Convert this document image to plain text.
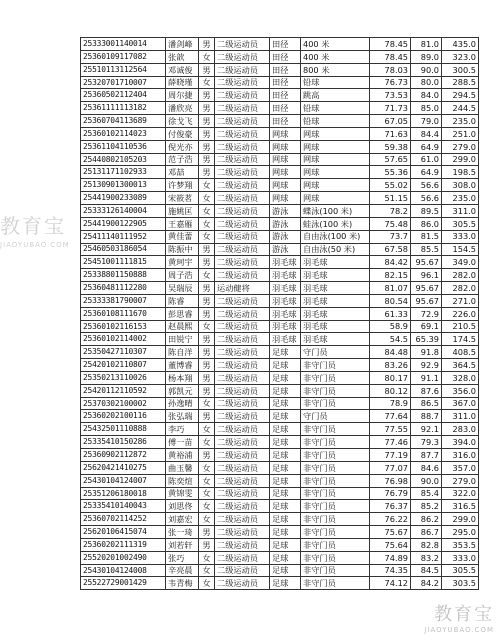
25333001140014	潘剑峰	男	二级运动员	田径	400 米	78.45	81.0	435.0
25360109117082	张歆	女	二级运动员	田径	400 米	78.45	89.0	323.0
25510113112564	邓诚俊	男	二级运动员	田径	800 米	78.03	90.0	300.5
25320701710007	薛晓瑾	女	二级运动员	田径	铅球	76.73	80.0	288.5
25360502112404	周尔捷	男	二级运动员	田径	跳高	73.53	84.0	294.5
25361111113182	潘欣亮	男	二级运动员	田径	铅球	71.73	85.0	244.5
25360704113689	徐戈飞	男	二级运动员	田径	铅球	67.05	79.0	235.0
25360102114023	付俊豪	男	二级运动员	网球	网球	71.63	84.4	251.0
25361104110536	倪光亦	男	二级运动员	网球	网球	59.38	64.9	279.0
25440802105203	范子浩	男	二级运动员	网球	网球	57.65	61.0	299.0
25131171102933	邓喆	男	二级运动员	网球	网球	55.36	64.9	198.5
25130901300013	许梦翔	女	二级运动员	网球	网球	55.02	56.6	308.0
25441900233089	宋筱茗	女	二级运动员	网球	网球	51.15	56.6	235.0
25333126140004	施姚匡	女	二级运动员	游泳	蝶泳(100 米)	78.2	89.5	311.0
25441900122905	王嘉雁	女	二级运动员	游泳	蛙泳(100 米)	75.48	86.0	305.5
25411140111952	黄佳蕾	女	二级运动员	游泳	自由泳(100 米)	73.7	81.5	333.0
25460503186054	陈振中	男	二级运动员	游泳	自由泳(50 米)	67.58	85.5	154.5
25451001111815	黄珂宇	男	二级运动员	羽毛球	羽毛球	84.42	95.67	349.0
25338801150888	周子浩	女	二级运动员	羽毛球	羽毛球	82.15	96.1	282.0
25360481112280	吴瑞辰	男	运动健将	羽毛球	羽毛球	81.07	95.67	282.0
25333381790007	陈睿	男	二级运动员	羽毛球	羽毛球	80.54	95.67	271.0
25360108111670	彭思睿	男	二级运动员	羽毛球	羽毛球	61.33	72.9	226.0
25360102116153	赵晨熙	女	二级运动员	羽毛球	羽毛球	58.9	69.1	210.5
25360102114002	田锐宁	男	二级运动员	羽毛球	羽毛球	54.5	65.39	174.5
25350427110307	陈自洋	男	二级运动员	足球	守门员	84.48	91.8	408.5
25420102110807	董博睿	男	二级运动员	足球	非守门员	83.26	92.9	364.5
25350213110026	杨本翔	男	二级运动员	足球	非守门员	80.17	91.1	328.0
25420112110592	郭凯元	男	二级运动员	足球	非守门员	80.12	87.6	356.0
25370302100002	孙逸晴	女	二级运动员	足球	非守门员	78.9	86.5	367.0
25360202100116	张弘瑞	男	二级运动员	足球	守门员	77.64	88.7	311.0
25432501110888	李巧	女	二级运动员	足球	非守门员	77.55	92.1	283.0
25335410150286	傅一苗	女	二级运动员	足球	非守门员	77.46	79.3	394.0
25360902112872	黄裕浦	男	二级运动员	足球	非守门员	77.19	87.7	316.0
25620421410275	曲玉馨	女	二级运动员	足球	非守门员	77.07	84.6	357.0
25430104124007	陈奕煊	女	二级运动员	足球	非守门员	76.98	90.0	279.0
25351206180018	黄锦雯	女	二级运动员	足球	非守门员	76.79	85.4	322.0
25335410140043	刘思佟	女	二级运动员	足球	非守门员	76.37	85.2	316.5
25360702114252	刘嘉宏	女	二级运动员	足球	非守门员	76.22	86.2	299.0
25620106415074	张一琦	男	二级运动员	足球	非守门员	75.67	86.7	295.0
25360202111319	刘若轩	男	二级运动员	足球	非守门员	75.64	82.8	353.5
25520201002490	张巧	女	二级运动员	足球	非守门员	74.89	83.2	333.0
25430104124008	辛亮晨	女	二级运动员	足球	非守门员	74.35	84.5	305.5
25522729001429	韦青梅	女	二级运动员	足球	非守门员	74.12	84.2	303.5
教育宝
JIAOYUBAO.COM
教育宝
JIAOYUBAO.COM
